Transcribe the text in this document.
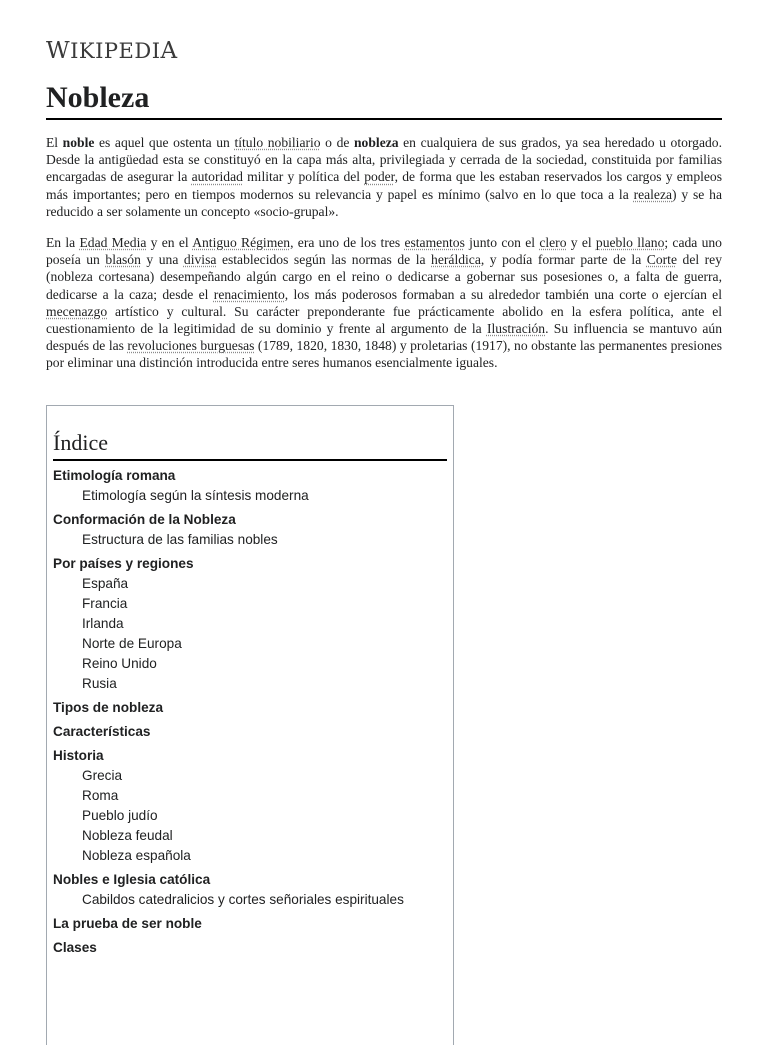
WIKIPEDIA
Nobleza

El noble es aquel que ostenta un título nobiliario o de nobleza en cualquiera de sus grados, ya sea heredado u otorgado. Desde la antigüedad esta se constituyó en la capa más alta, privilegiada y cerrada de la sociedad, constituida por familias encargadas de asegurar la autoridad militar y política del poder, de forma que les estaban reservados los cargos y empleos más importantes; pero en tiempos modernos su relevancia y papel es mínimo (salvo en lo que toca a la realeza) y se ha reducido a ser solamente un concepto «socio-grupal».

En la Edad Media y en el Antiguo Régimen, era uno de los tres estamentos junto con el clero y el pueblo llano; cada uno poseía un blasón y una divisa establecidos según las normas de la heráldica, y podía formar parte de la Corte del rey (nobleza cortesana) desempeñando algún cargo en el reino o dedicarse a gobernar sus posesiones o, a falta de guerra, dedicarse a la caza; desde el renacimiento, los más poderosos formaban a su alrededor también una corte o ejercían el mecenazgo artístico y cultural. Su carácter preponderante fue prácticamente abolido en la esfera política, ante el cuestionamiento de la legitimidad de su dominio y frente al argumento de la Ilustración. Su influencia se mantuvo aún después de las revoluciones burguesas (1789, 1820, 1830, 1848) y proletarias (1917), no obstante las permanentes presiones por eliminar una distinción introducida entre seres humanos esencialmente iguales.

Índice
Etimología romana
Etimología según la síntesis moderna
Conformación de la Nobleza
Estructura de las familias nobles
Por países y regiones
España
Francia
Irlanda
Norte de Europa
Reino Unido
Rusia
Tipos de nobleza
Características
Historia
Grecia
Roma
Pueblo judío
Nobleza feudal
Nobleza española
Nobles e Iglesia católica
Cabildos catedralicios y cortes señoriales espirituales
La prueba de ser noble
Clases
